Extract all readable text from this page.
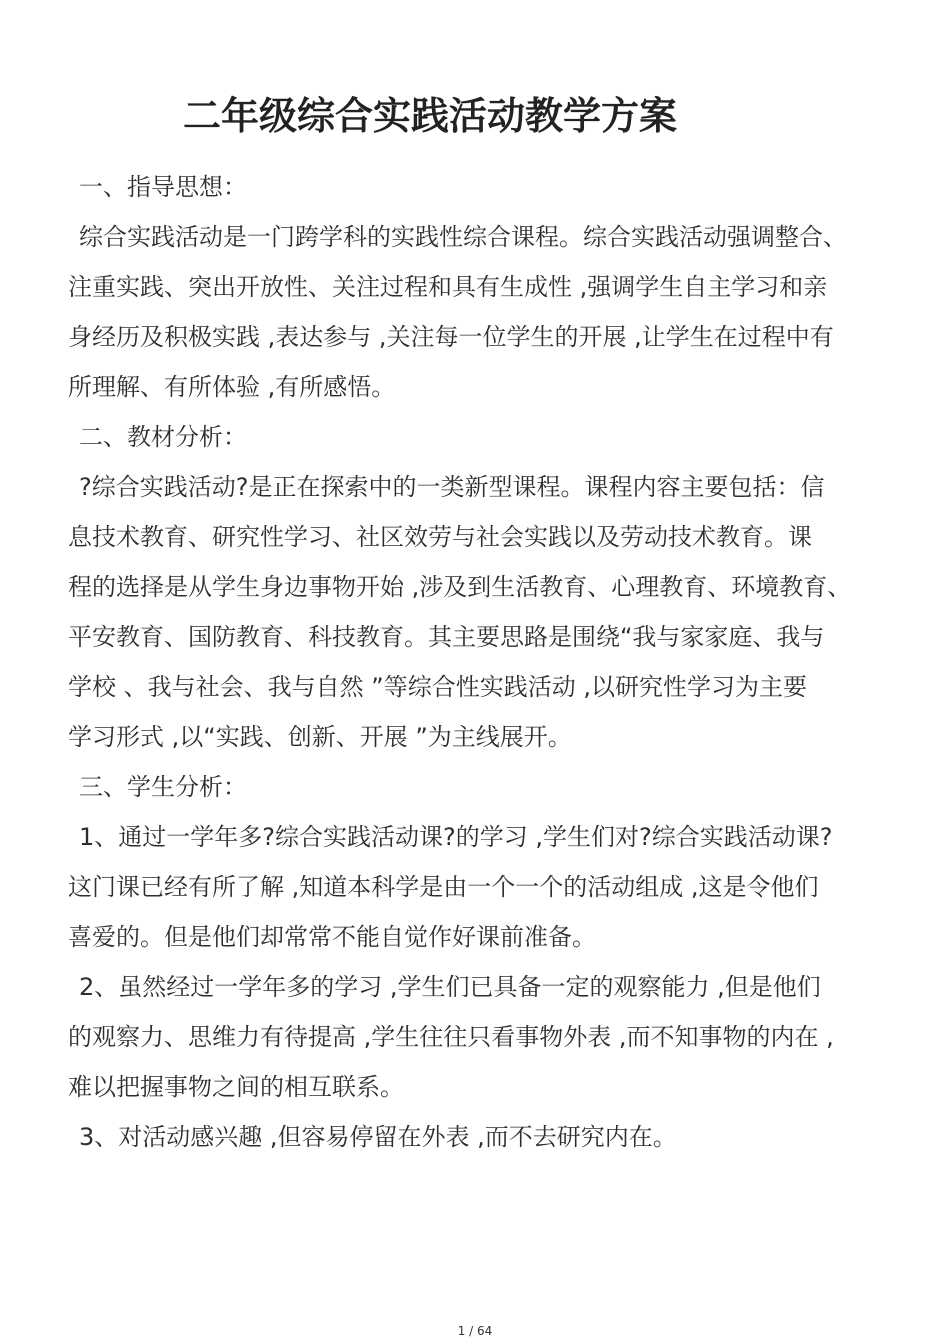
二年级综合实践活动教学方案

一、指导思想：

综合实践活动是一门跨学科的实践性综合课程。综合实践活动强调整合、

注重实践、突出开放性、关注过程和具有生成性 ,强调学生自主学习和亲

身经历及积极实践 ,表达参与 ,关注每一位学生的开展 ,让学生在过程中有

所理解、有所体验 ,有所感悟。

二、教材分析：

?综合实践活动?是正在探索中的一类新型课程。课程内容主要包括：信

息技术教育、研究性学习、社区效劳与社会实践以及劳动技术教育。课

程的选择是从学生身边事物开始 ,涉及到生活教育、心理教育、环境教育、

平安教育、国防教育、科技教育。其主要思路是围绕“我与家家庭、我与

学校 、我与社会、我与自然 ”等综合性实践活动 ,以研究性学习为主要

学习形式 ,以“实践、创新、开展 ”为主线展开。

三、学生分析：

1、通过一学年多?综合实践活动课?的学习 ,学生们对?综合实践活动课?

这门课已经有所了解 ,知道本科学是由一个一个的活动组成 ,这是令他们

喜爱的。但是他们却常常不能自觉作好课前准备。

2、虽然经过一学年多的学习 ,学生们已具备一定的观察能力 ,但是他们

的观察力、思维力有待提高 ,学生往往只看事物外表 ,而不知事物的内在 ,

难以把握事物之间的相互联系。

3、对活动感兴趣 ,但容易停留在外表 ,而不去研究内在。

1 / 64
